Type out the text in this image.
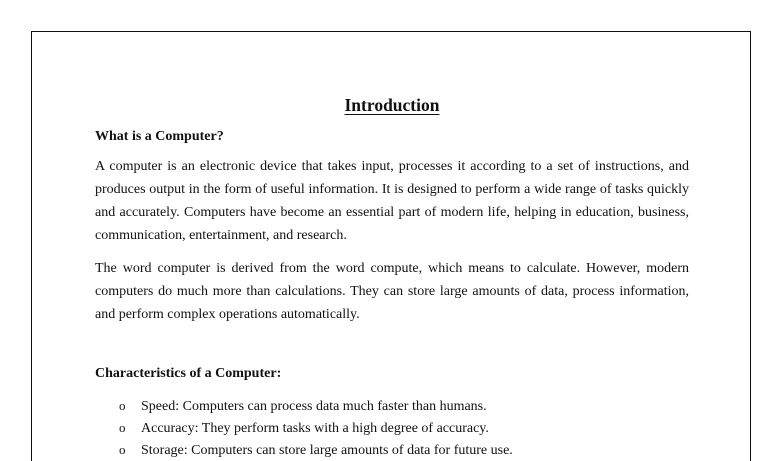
Introduction
What is a Computer?

A computer is an electronic device that takes input, processes it according to a set of instructions, and produces output in the form of useful information. It is designed to perform a wide range of tasks quickly and accurately. Computers have become an essential part of modern life, helping in education, business, communication, entertainment, and research.

The word computer is derived from the word compute, which means to calculate. However, modern computers do much more than calculations. They can store large amounts of data, process information, and perform complex operations automatically.

Characteristics of a Computer:
o	Speed: Computers can process data much faster than humans.
o	Accuracy: They perform tasks with a high degree of accuracy.
o	Storage: Computers can store large amounts of data for future use.
